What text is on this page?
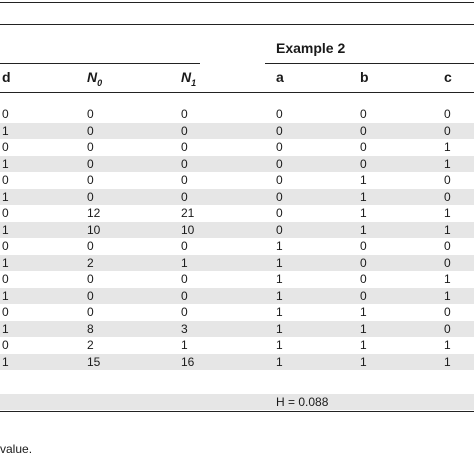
Example 2
d	$N_0$	$N_1$	a	b	c
0	0	0	0	0	0
1	0	0	0	0	0
0	0	0	0	0	1
1	0	0	0	0	1
0	0	0	0	1	0
1	0	0	0	1	0
0	12	21	0	1	1
1	10	10	0	1	1
0	0	0	1	0	0
1	2	1	1	0	0
0	0	0	1	0	1
1	0	0	1	0	1
0	0	0	1	1	0
1	8	3	1	1	0
0	2	1	1	1	1
1	15	16	1	1	1
H = 0.088
value.
